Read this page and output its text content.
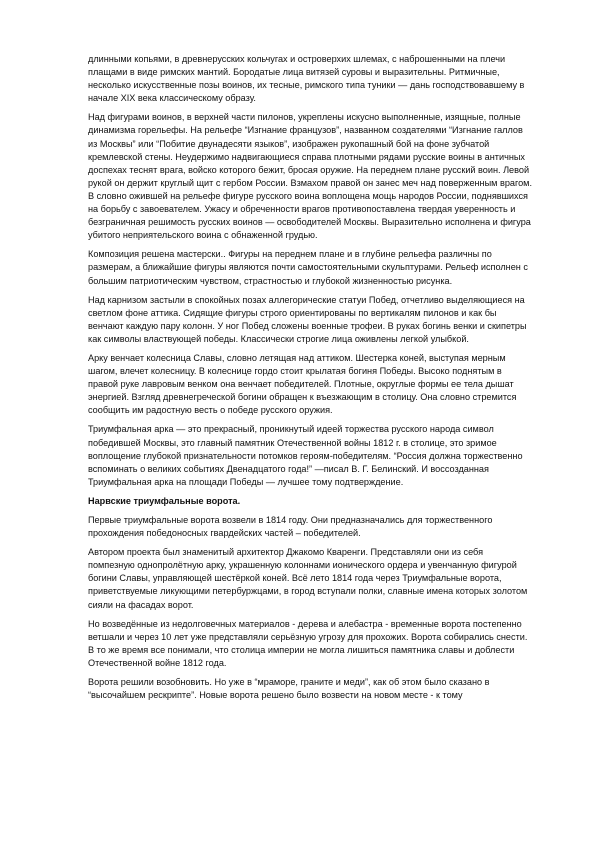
длинными копьями, в древнерусских кольчугах и островерхих шлемах, с наброшенными на плечи плащами в виде римских мантий. Бородатые лица витязей суровы и выразительны. Ритмичные, несколько искусственные позы воинов, их тесные, римского типа туники — дань господствовавшему в начале XIX века классическому образу.

Над фигурами воинов, в верхней части пилонов, укреплены искусно выполненные, изящные, полные динамизма горельефы. На рельефе “Изгнание французов”, названном создателями “Изгнание галлов из Москвы” или “Побитие двунадесяти языков”, изображен рукопашный бой на фоне зубчатой кремлевской стены. Неудержимо надвигающиеся справа плотными рядами русские воины в античных доспехах теснят врага, войско которого бежит, бросая оружие. На переднем плане русский воин. Левой рукой он держит круглый щит с гербом России. Взмахом правой он занес меч над поверженным врагом. В словно ожившей на рельефе фигуре русского воина воплощена мощь народов России, поднявшихся на борьбу с завоевателем. Ужасу и обреченности врагов противопоставлена твердая уверенность и безграничная решимость русских воинов — освободителей Москвы. Выразительно исполнена и фигура убитого неприятельского воина с обнаженной грудью.

Композиция решена мастерски.. Фигуры на переднем плане и в глубине рельефа различны по размерам, а ближайшие фигуры являются почти самостоятельными скульптурами. Рельеф исполнен с большим патриотическим чувством, страстностью и глубокой жизненностью рисунка.

Над карнизом застыли в спокойных позах аллегорические статуи Побед, отчетливо выделяющиеся на светлом фоне аттика. Сидящие фигуры строго ориентированы по вертикалям пилонов и как бы венчают каждую пару колонн. У ног Побед сложены военные трофеи. В руках богинь венки и скипетры как символы властвующей победы. Классически строгие лица оживлены легкой улыбкой.

Арку венчает колесница Славы, словно летящая над аттиком. Шестерка коней, выступая мерным шагом, влечет колесницу. В колеснице гордо стоит крылатая богиня Победы. Высоко поднятым в правой руке лавровым венком она венчает победителей. Плотные, округлые формы ее тела дышат энергией. Взгляд древнегреческой богини обращен к въезжающим в столицу. Она словно стремится сообщить им радостную весть о победе русского оружия.

Триумфальная арка — это прекрасный, проникнутый идеей торжества русского народа символ победившей Москвы, это главный памятник Отечественной войны 1812 г. в столице, это зримое воплощение глубокой признательности потомков героям-победителям. “Россия должна торжественно вспоминать о великих событиях Двенадцатого года!” —писал В. Г. Белинский. И воссозданная Триумфальная арка на площади Победы — лучшее тому подтверждение.

Нарвские триумфальные ворота.

Первые триумфальные ворота возвели в 1814 году. Они предназначались для торжественного прохождения победоносных гвардейских частей – победителей.

Автором проекта был знаменитый архитектор Джакомо Кваренги. Представляли они из себя помпезную однопролётную арку, украшенную колоннами ионического ордера и увенчанную фигурой богини Славы, управляющей шестёркой коней. Всё лето 1814 года через Триумфальные ворота, приветствуемые ликующими петербуржцами, в город вступали полки, славные имена которых золотом сияли на фасадах ворот.

Но возведённые из недолговечных материалов - дерева и алебастра - временные ворота постепенно ветшали и через 10 лет уже представляли серьёзную угрозу для прохожих. Ворота собирались снести. В то же время все понимали, что столица империи не могла лишиться памятника славы и доблести Отечественной войне 1812 года.

Ворота решили возобновить. Но уже в “мраморе, граните и меди”, как об этом было сказано в “высочайшем рескрипте”. Новые ворота решено было возвести на новом месте - к тому
